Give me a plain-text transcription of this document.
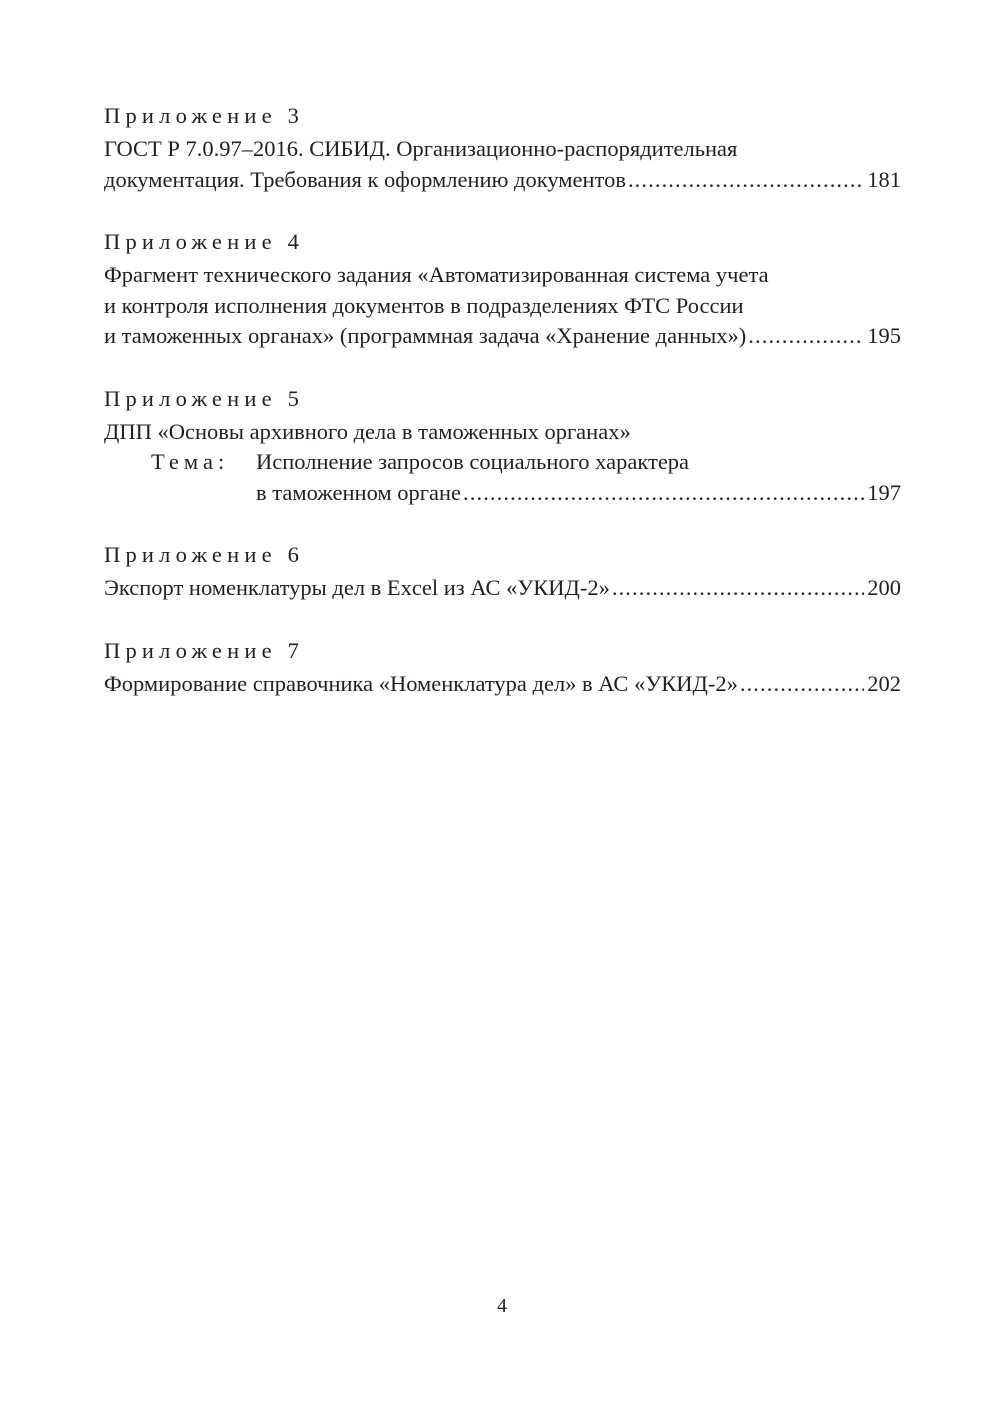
Приложение 3
ГОСТ Р 7.0.97–2016. СИБИД. Организационно-распорядительная
документация. Требования к оформлению документов .....	181
Приложение 4
Фрагмент технического задания «Автоматизированная система учета
и контроля исполнения документов в подразделениях ФТС России
и таможенных органах» (программная задача «Хранение данных») .....	195
Приложение 5
ДПП «Основы архивного дела в таможенных органах»
Тема: Исполнение запросов социального характера
в таможенном органе .....	197
Приложение 6
Экспорт номенклатуры дел в Excel из АС «УКИД-2» .....	200
Приложение 7
Формирование справочника «Номенклатура дел» в АС «УКИД-2» .....	202
4
